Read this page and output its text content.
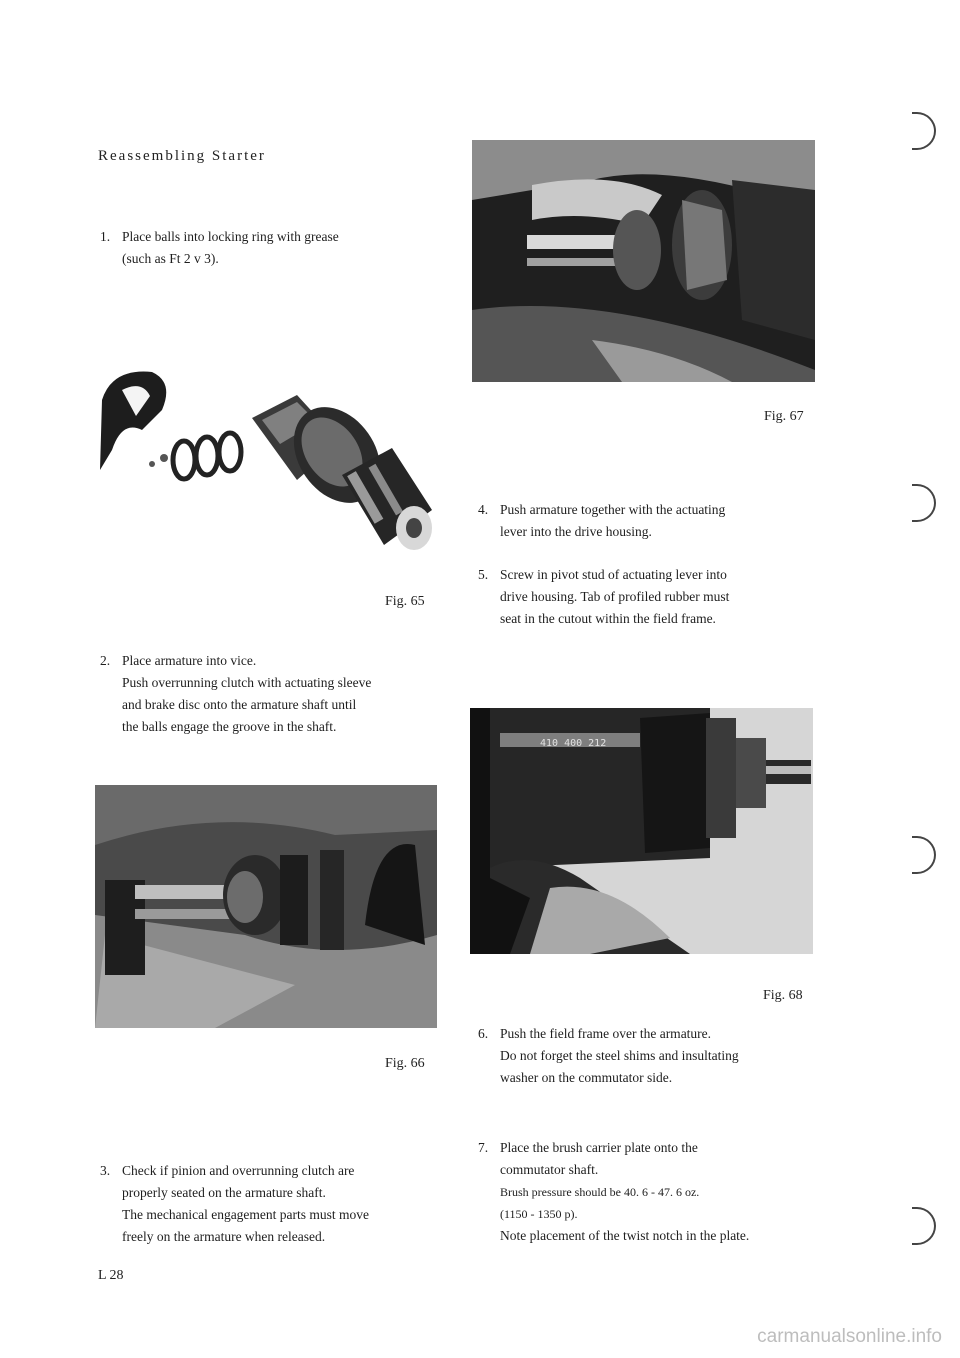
Reassembling Starter
1. Place balls into locking ring with grease
(such as Ft 2 v 3).
Fig. 65
2. Place armature into vice.
Push overrunning clutch with actuating sleeve
and brake disc onto the armature shaft until
the balls engage the groove in the shaft.
Fig. 66
3. Check if pinion and overrunning clutch are
properly seated on the armature shaft.
The mechanical engagement parts must move
freely on the armature when released.
Fig. 67
4. Push armature together with the actuating
lever into the drive housing.
5. Screw in pivot stud of actuating lever into
drive housing. Tab of profiled rubber must
seat in the cutout within the field frame.
410 400 212
Fig. 68
6. Push the field frame over the armature.
Do not forget the steel shims and insultating
washer on the commutator side.
7. Place the brush carrier plate onto the
commutator shaft.
Brush pressure should be 40. 6 - 47. 6 oz.
(1150 - 1350 p).
Note placement of the twist notch in the plate.
L 28
carmanualsonline.info
